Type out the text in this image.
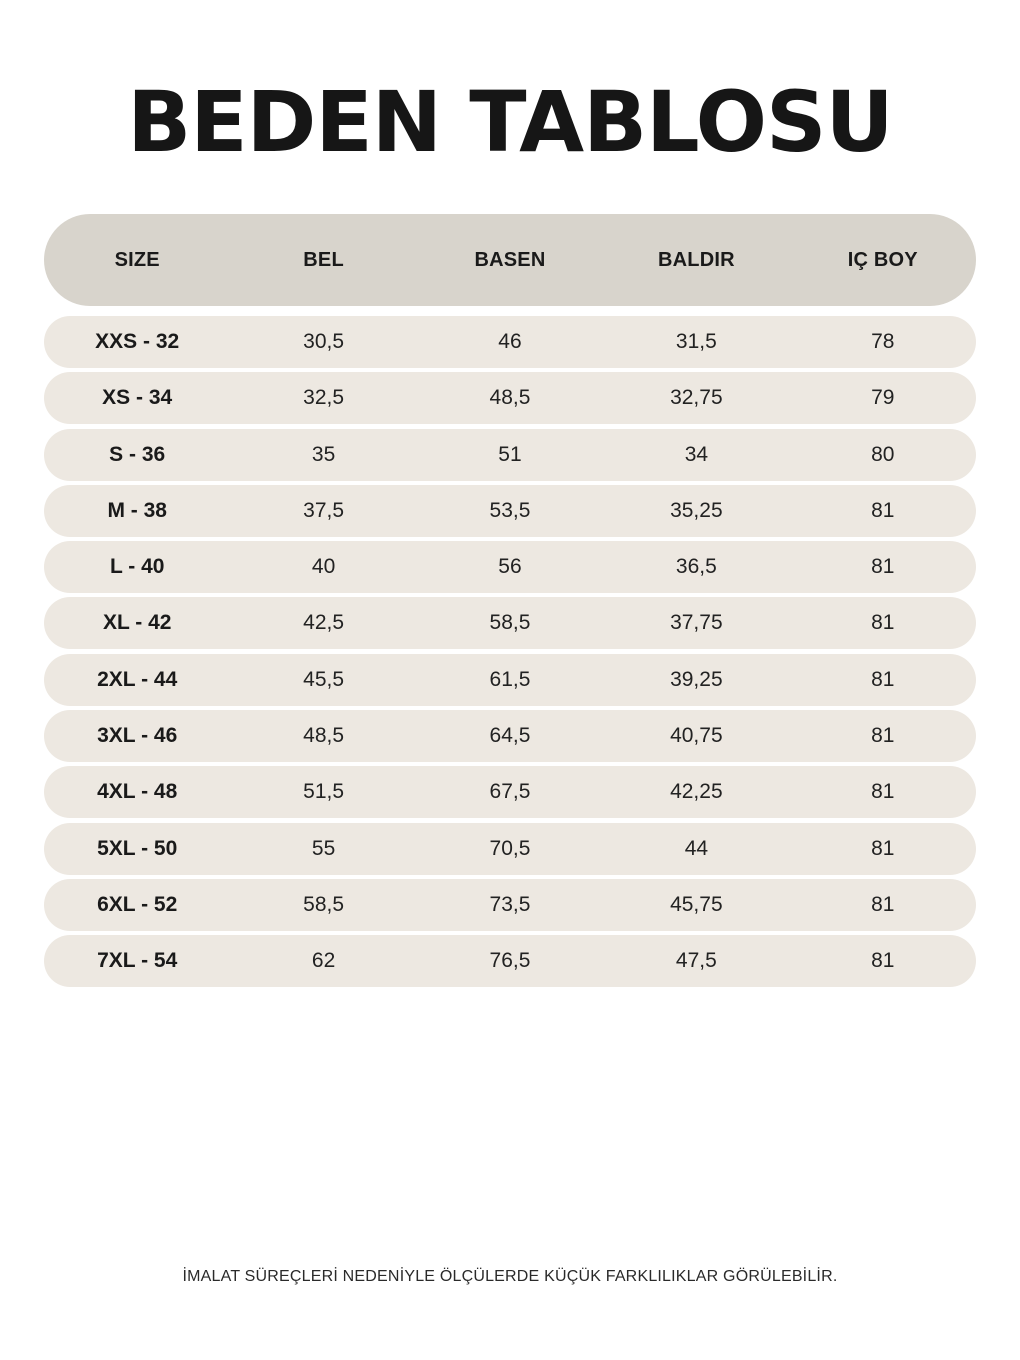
BEDEN TABLOSU
SIZE	BEL	BASEN	BALDIR	IÇ BOY
XXS - 32	30,5	46	31,5	78
XS - 34	32,5	48,5	32,75	79
S - 36	35	51	34	80
M - 38	37,5	53,5	35,25	81
L - 40	40	56	36,5	81
XL - 42	42,5	58,5	37,75	81
2XL - 44	45,5	61,5	39,25	81
3XL - 46	48,5	64,5	40,75	81
4XL - 48	51,5	67,5	42,25	81
5XL - 50	55	70,5	44	81
6XL - 52	58,5	73,5	45,75	81
7XL - 54	62	76,5	47,5	81
İMALAT SÜREÇLERİ NEDENİYLE ÖLÇÜLERDE KÜÇÜK FARKLILIKLAR GÖRÜLEBİLİR.
